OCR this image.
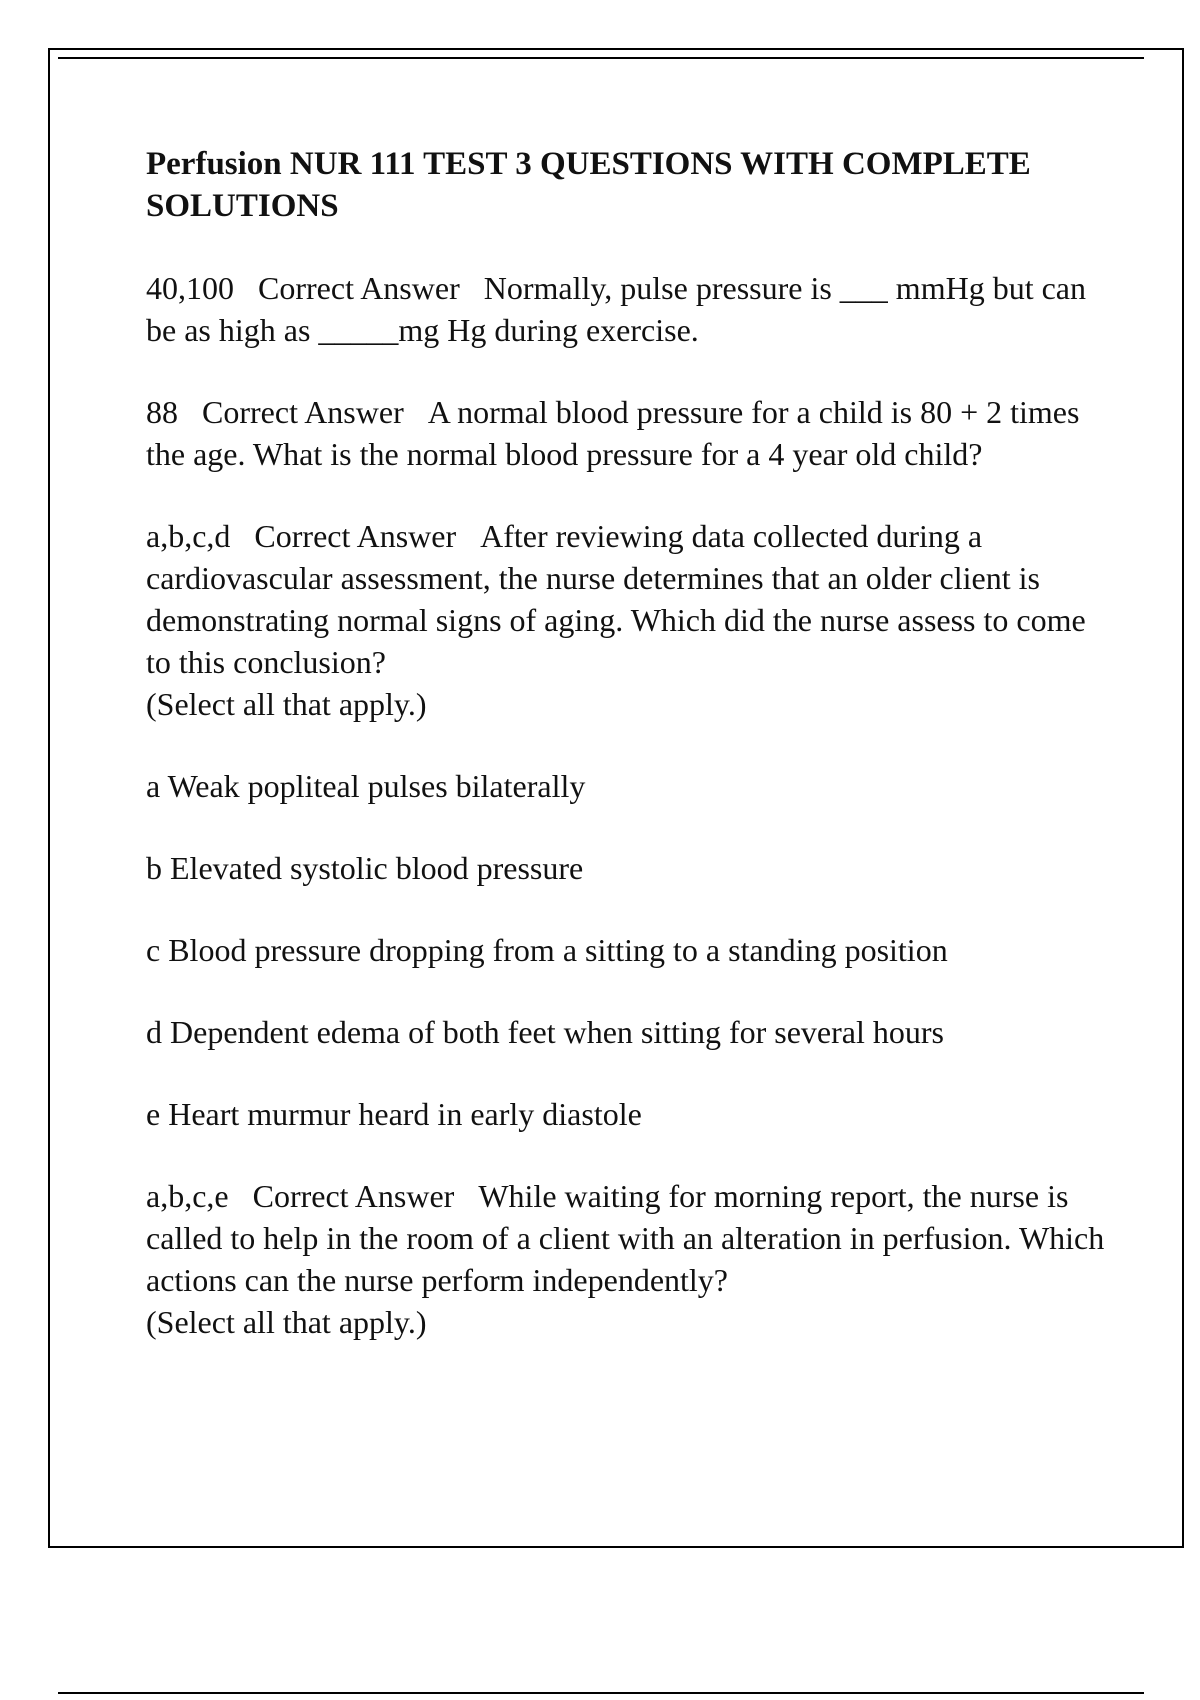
Perfusion NUR 111 TEST 3 QUESTIONS WITH COMPLETE SOLUTIONS
40,100 Correct Answer Normally, pulse pressure is ___ mmHg but can be as high as _____mg Hg during exercise.
88 Correct Answer A normal blood pressure for a child is 80 + 2 times the age. What is the normal blood pressure for a 4 year old child?
a,b,c,d Correct Answer After reviewing data collected during a cardiovascular assessment, the nurse determines that an older client is demonstrating normal signs of aging. Which did the nurse assess to come to this conclusion?
(Select all that apply.)
a Weak popliteal pulses bilaterally
b Elevated systolic blood pressure
c Blood pressure dropping from a sitting to a standing position
d Dependent edema of both feet when sitting for several hours
e Heart murmur heard in early diastole
a,b,c,e Correct Answer While waiting for morning report, the nurse is called to help in the room of a client with an alteration in perfusion. Which actions can the nurse perform independently?
(Select all that apply.)
